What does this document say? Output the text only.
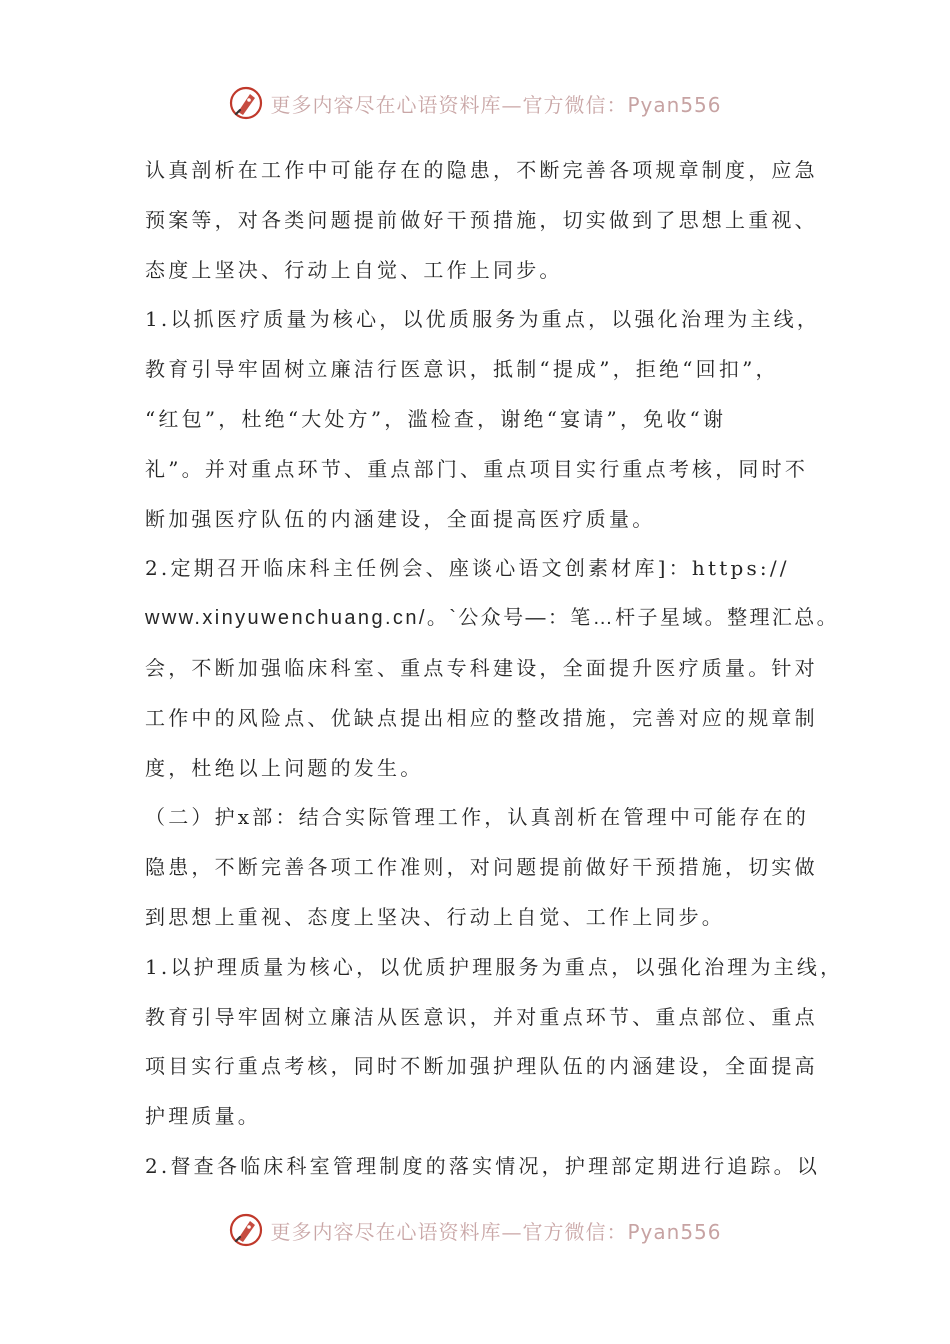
更多内容尽在心语资料库—官方微信：Pyan556
认真剖析在工作中可能存在的隐患，不断完善各项规章制度，应急
预案等，对各类问题提前做好干预措施，切实做到了思想上重视、
态度上坚决、行动上自觉、工作上同步。
1.以抓医疗质量为核心，以优质服务为重点，以强化治理为主线，
教育引导牢固树立廉洁行医意识，抵制“提成”，拒绝“回扣”，
“红包”，杜绝“大处方”，滥检查，谢绝“宴请”，免收“谢
礼”。并对重点环节、重点部门、重点项目实行重点考核，同时不
断加强医疗队伍的内涵建设，全面提高医疗质量。
2.定期召开临床科主任例会、座谈心语文创素材库]：https://
www.xinyuwenchuang.cn/。`公众号—：笔…杆子星域。整理汇总。
会，不断加强临床科室、重点专科建设，全面提升医疗质量。针对
工作中的风险点、优缺点提出相应的整改措施，完善对应的规章制
度，杜绝以上问题的发生。
（二）护x部：结合实际管理工作，认真剖析在管理中可能存在的
隐患，不断完善各项工作准则，对问题提前做好干预措施，切实做
到思想上重视、态度上坚决、行动上自觉、工作上同步。
1.以护理质量为核心，以优质护理服务为重点，以强化治理为主线，
教育引导牢固树立廉洁从医意识，并对重点环节、重点部位、重点
项目实行重点考核，同时不断加强护理队伍的内涵建设，全面提高
护理质量。
2.督查各临床科室管理制度的落实情况，护理部定期进行追踪。以
更多内容尽在心语资料库—官方微信：Pyan556
